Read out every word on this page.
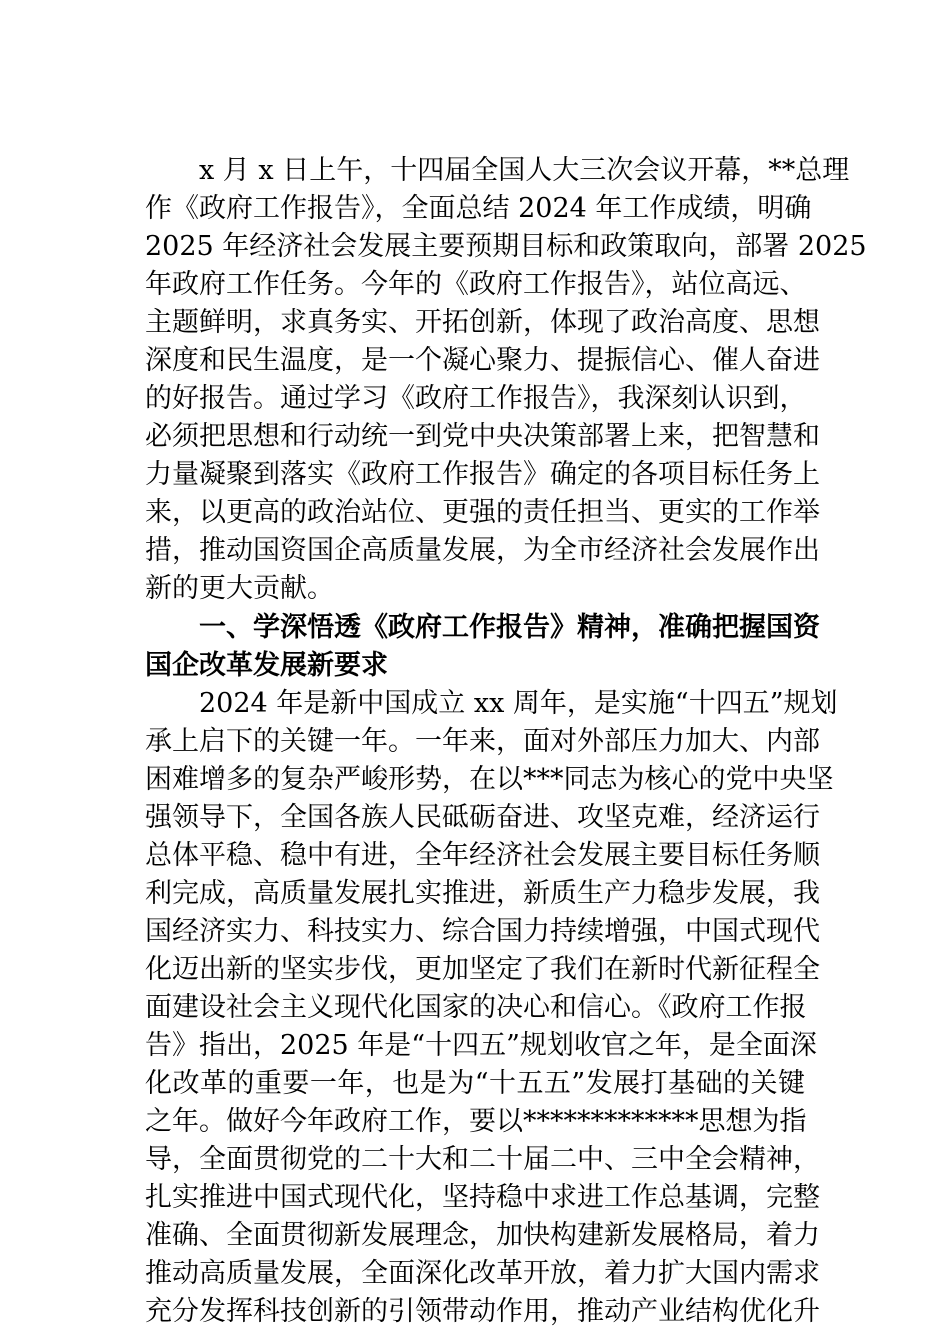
x 月 x 日上午，十四届全国人大三次会议开幕，**总理
作《政府工作报告》，全面总结 2024 年工作成绩，明确
2025 年经济社会发展主要预期目标和政策取向，部署 2025
年政府工作任务。今年的《政府工作报告》，站位高远、
主题鲜明，求真务实、开拓创新，体现了政治高度、思想
深度和民生温度，是一个凝心聚力、提振信心、催人奋进
的好报告。通过学习《政府工作报告》，我深刻认识到，
必须把思想和行动统一到党中央决策部署上来，把智慧和
力量凝聚到落实《政府工作报告》确定的各项目标任务上
来，以更高的政治站位、更强的责任担当、更实的工作举
措，推动国资国企高质量发展，为全市经济社会发展作出
新的更大贡献。
一、学深悟透《政府工作报告》精神，准确把握国资
国企改革发展新要求
2024 年是新中国成立 xx 周年，是实施“十四五”规划
承上启下的关键一年。一年来，面对外部压力加大、内部
困难增多的复杂严峻形势，在以***同志为核心的党中央坚
强领导下，全国各族人民砥砺奋进、攻坚克难，经济运行
总体平稳、稳中有进，全年经济社会发展主要目标任务顺
利完成，高质量发展扎实推进，新质生产力稳步发展，我
国经济实力、科技实力、综合国力持续增强，中国式现代
化迈出新的坚实步伐，更加坚定了我们在新时代新征程全
面建设社会主义现代化国家的决心和信心。《政府工作报
告》指出，2025 年是“十四五”规划收官之年，是全面深
化改革的重要一年，也是为“十五五”发展打基础的关键
之年。做好今年政府工作，要以*************思想为指
导，全面贯彻党的二十大和二十届二中、三中全会精神，
扎实推进中国式现代化，坚持稳中求进工作总基调，完整
准确、全面贯彻新发展理念，加快构建新发展格局，着力
推动高质量发展，全面深化改革开放，着力扩大国内需求
充分发挥科技创新的引领带动作用，推动产业结构优化升
